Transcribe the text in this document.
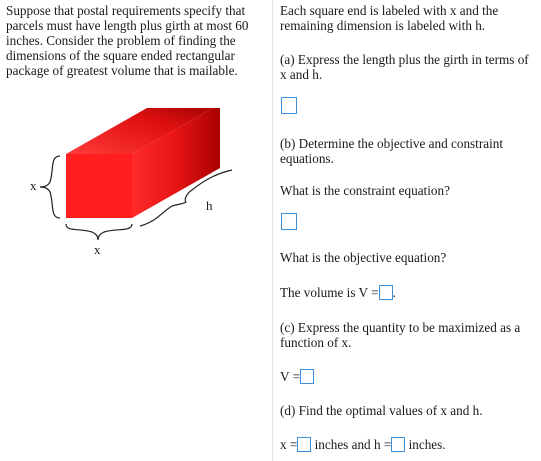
Suppose that postal requirements specify that parcels must have length plus girth at most 60 inches. Consider the problem of finding the dimensions of the square ended rectangular package of greatest volume that is mailable.
x
x
h
Each square end is labeled with x and the remaining dimension is labeled with h.
(a) Express the length plus the girth in terms of x and h.
(b) Determine the objective and constraint equations.
What is the constraint equation?
What is the objective equation?
The volume is V = .
(c) Express the quantity to be maximized as a function of x.
V =
(d) Find the optimal values of x and h.
x = inches and h = inches.
